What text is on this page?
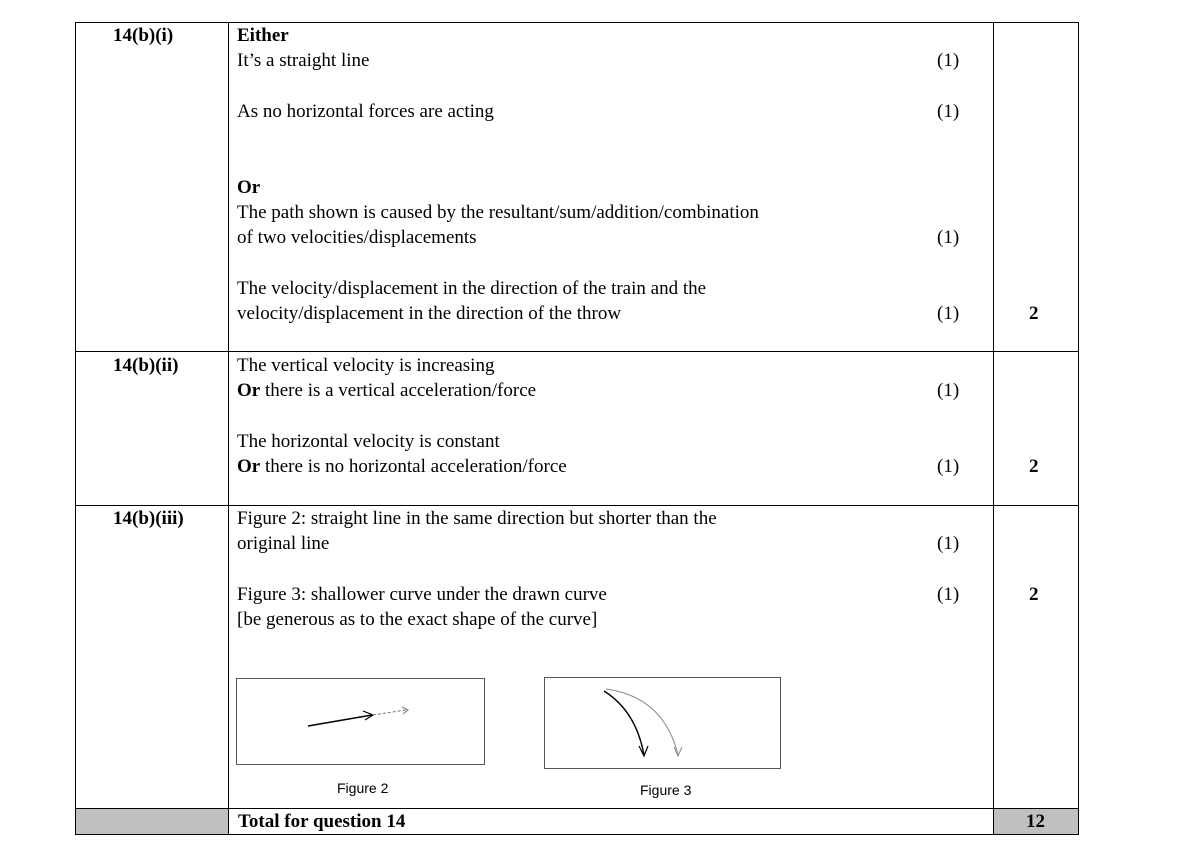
14(b)(i)	Either
It’s a straight line	(1)
As no horizontal forces are acting	(1)
Or
The path shown is caused by the resultant/sum/addition/combination
of two velocities/displacements	(1)
The velocity/displacement in the direction of the train and the
velocity/displacement in the direction of the throw	(1)	2
14(b)(ii)	The vertical velocity is increasing
Or there is a vertical acceleration/force	(1)
The horizontal velocity is constant
Or there is no horizontal acceleration/force	(1)	2
14(b)(iii)	Figure 2: straight line in the same direction but shorter than the
original line	(1)
Figure 3: shallower curve under the drawn curve	(1)	2
[be generous as to the exact shape of the curve]
Figure 2	Figure 3
Total for question 14	12
